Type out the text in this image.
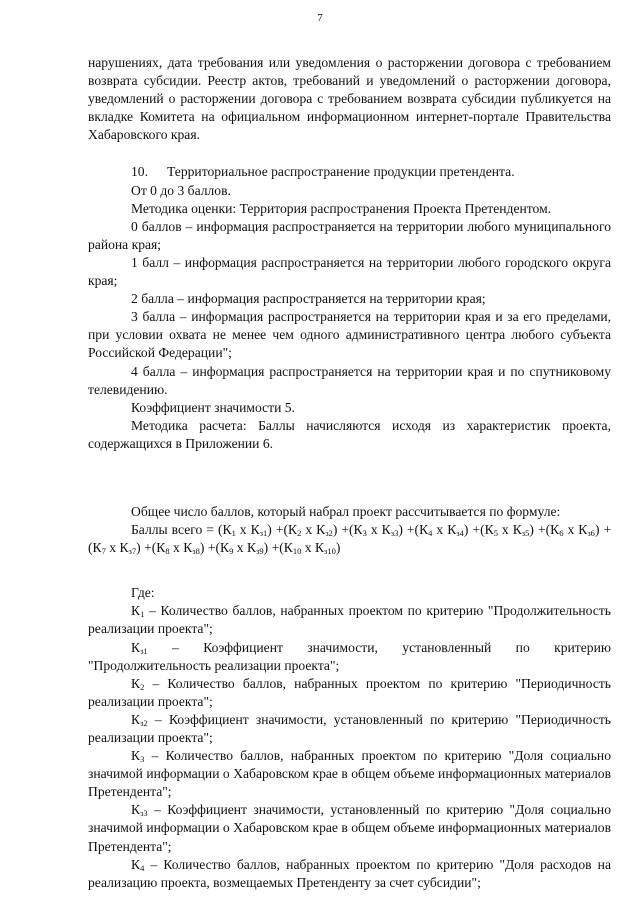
7

нарушениях, дата требования или уведомления о расторжении договора с требованием возврата субсидии. Реестр актов, требований и уведомлений о расторжении договора, уведомлений о расторжении договора с требованием возврата субсидии публикуется на вкладке Комитета на официальном информационном интернет-портале Правительства Хабаровского края.

10. Территориальное распространение продукции претендента.

От 0 до 3 баллов.

Методика оценки: Территория распространения Проекта Претендентом.

0 баллов – информация распространяется на территории любого муниципального района края;

1 балл – информация распространяется на территории любого городского округа края;

2 балла – информация распространяется на территории края;

3 балла – информация распространяется на территории края и за его пределами, при условии охвата не менее чем одного административного центра любого субъекта Российской Федерации";

4 балла – информация распространяется на территории края и по спутниковому телевидению.

Коэффициент значимости 5.

Методика расчета: Баллы начисляются исходя из характеристик проекта, содержащихся в Приложении 6.

Общее число баллов, который набрал проект рассчитывается по формуле:

Баллы всего = ($К_1$ x $К_{з1}) +(К_2$ x $К_{з2}) +(К_3$ x $К_{з3}) +(К_4$ x $К_{з4}) +(К_5$ x $К_{з5}) +(К_6$ x $К_{з6}) +(К_7$ x $К_{з7}) +(К_8$ x $К_{з8}) +(К_9$ x $К_{з9}) +(К_{10}$ x $К_{з10}$)

Где:

$К_1$ – Количество баллов, набранных проектом по критерию "Продолжительность реализации проекта";

$К_{з1}$ – Коэффициент значимости, установленный по критерию "Продолжительность реализации проекта";

$К_2$ – Количество баллов, набранных проектом по критерию "Периодичность реализации проекта";

$К_{з2}$ – Коэффициент значимости, установленный по критерию "Периодичность реализации проекта";

$К_3$ – Количество баллов, набранных проектом по критерию "Доля социально значимой информации о Хабаровском крае в общем объеме информационных материалов Претендента";

$К_{з3}$ – Коэффициент значимости, установленный по критерию "Доля социально значимой информации о Хабаровском крае в общем объеме информационных материалов Претендента";

$К_4$ – Количество баллов, набранных проектом по критерию "Доля расходов на реализацию проекта, возмещаемых Претенденту за счет субсидии";
